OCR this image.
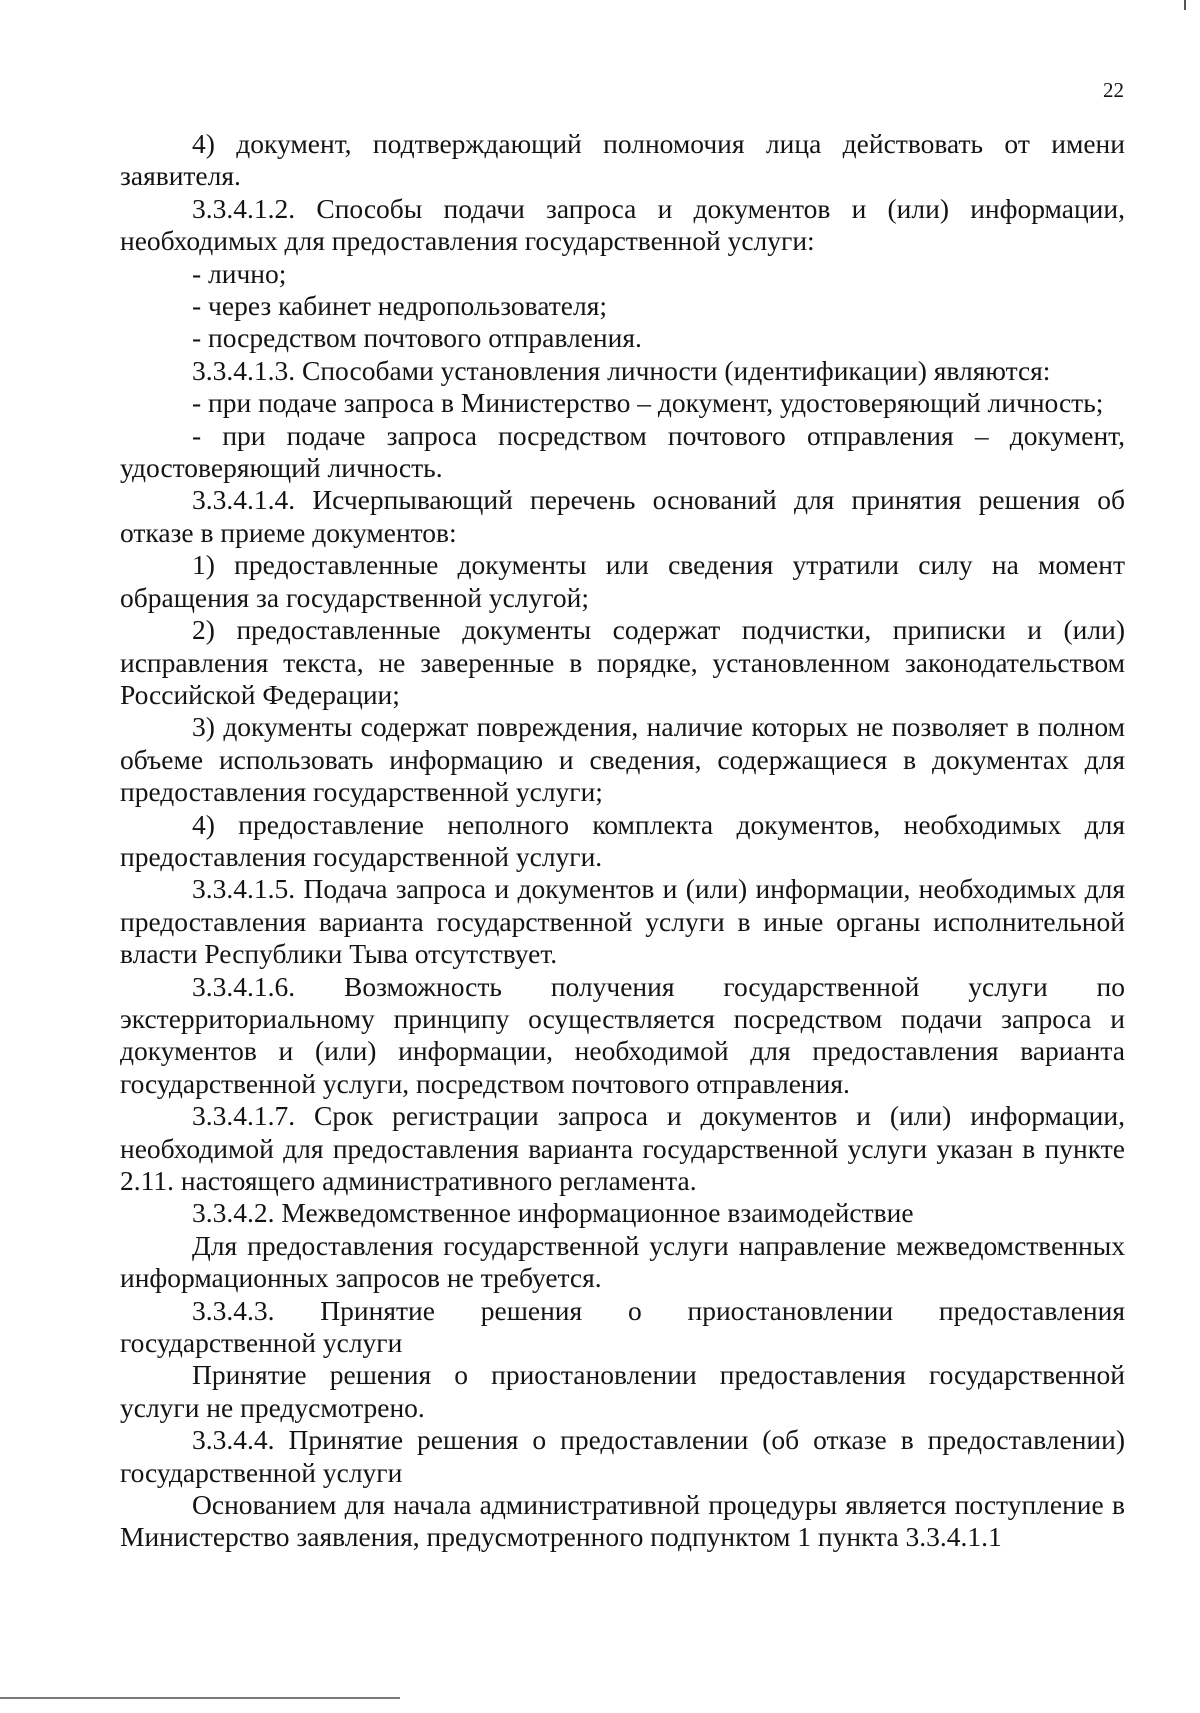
22

4) документ, подтверждающий полномочия лица действовать от имени заявителя.

3.3.4.1.2. Способы подачи запроса и документов и (или) информации, необходимых для предоставления государственной услуги:

- лично;

- через кабинет недропользователя;

- посредством почтового отправления.

3.3.4.1.3. Способами установления личности (идентификации) являются:

- при подаче запроса в Министерство – документ, удостоверяющий личность;

- при подаче запроса посредством почтового отправления – документ, удостоверяющий личность.

3.3.4.1.4. Исчерпывающий перечень оснований для принятия решения об отказе в приеме документов:

1) предоставленные документы или сведения утратили силу на момент обращения за государственной услугой;

2) предоставленные документы содержат подчистки, приписки и (или) исправления текста, не заверенные в порядке, установленном законодательством Российской Федерации;

3) документы содержат повреждения, наличие которых не позволяет в полном объеме использовать информацию и сведения, содержащиеся в документах для предоставления государственной услуги;

4) предоставление неполного комплекта документов, необходимых для предоставления государственной услуги.

3.3.4.1.5. Подача запроса и документов и (или) информации, необходимых для предоставления варианта государственной услуги в иные органы исполнительной власти Республики Тыва отсутствует.

3.3.4.1.6. Возможность получения государственной услуги по экстерриториальному принципу осуществляется посредством подачи запроса и документов и (или) информации, необходимой для предоставления варианта государственной услуги, посредством почтового отправления.

3.3.4.1.7. Срок регистрации запроса и документов и (или) информации, необходимой для предоставления варианта государственной услуги указан в пункте 2.11. настоящего административного регламента.

3.3.4.2. Межведомственное информационное взаимодействие

Для предоставления государственной услуги направление межведомственных информационных запросов не требуется.

3.3.4.3. Принятие решения о приостановлении предоставления государственной услуги

Принятие решения о приостановлении предоставления государственной услуги не предусмотрено.

3.3.4.4. Принятие решения о предоставлении (об отказе в предоставлении) государственной услуги

Основанием для начала административной процедуры является поступление в Министерство заявления, предусмотренного подпунктом 1 пункта 3.3.4.1.1
